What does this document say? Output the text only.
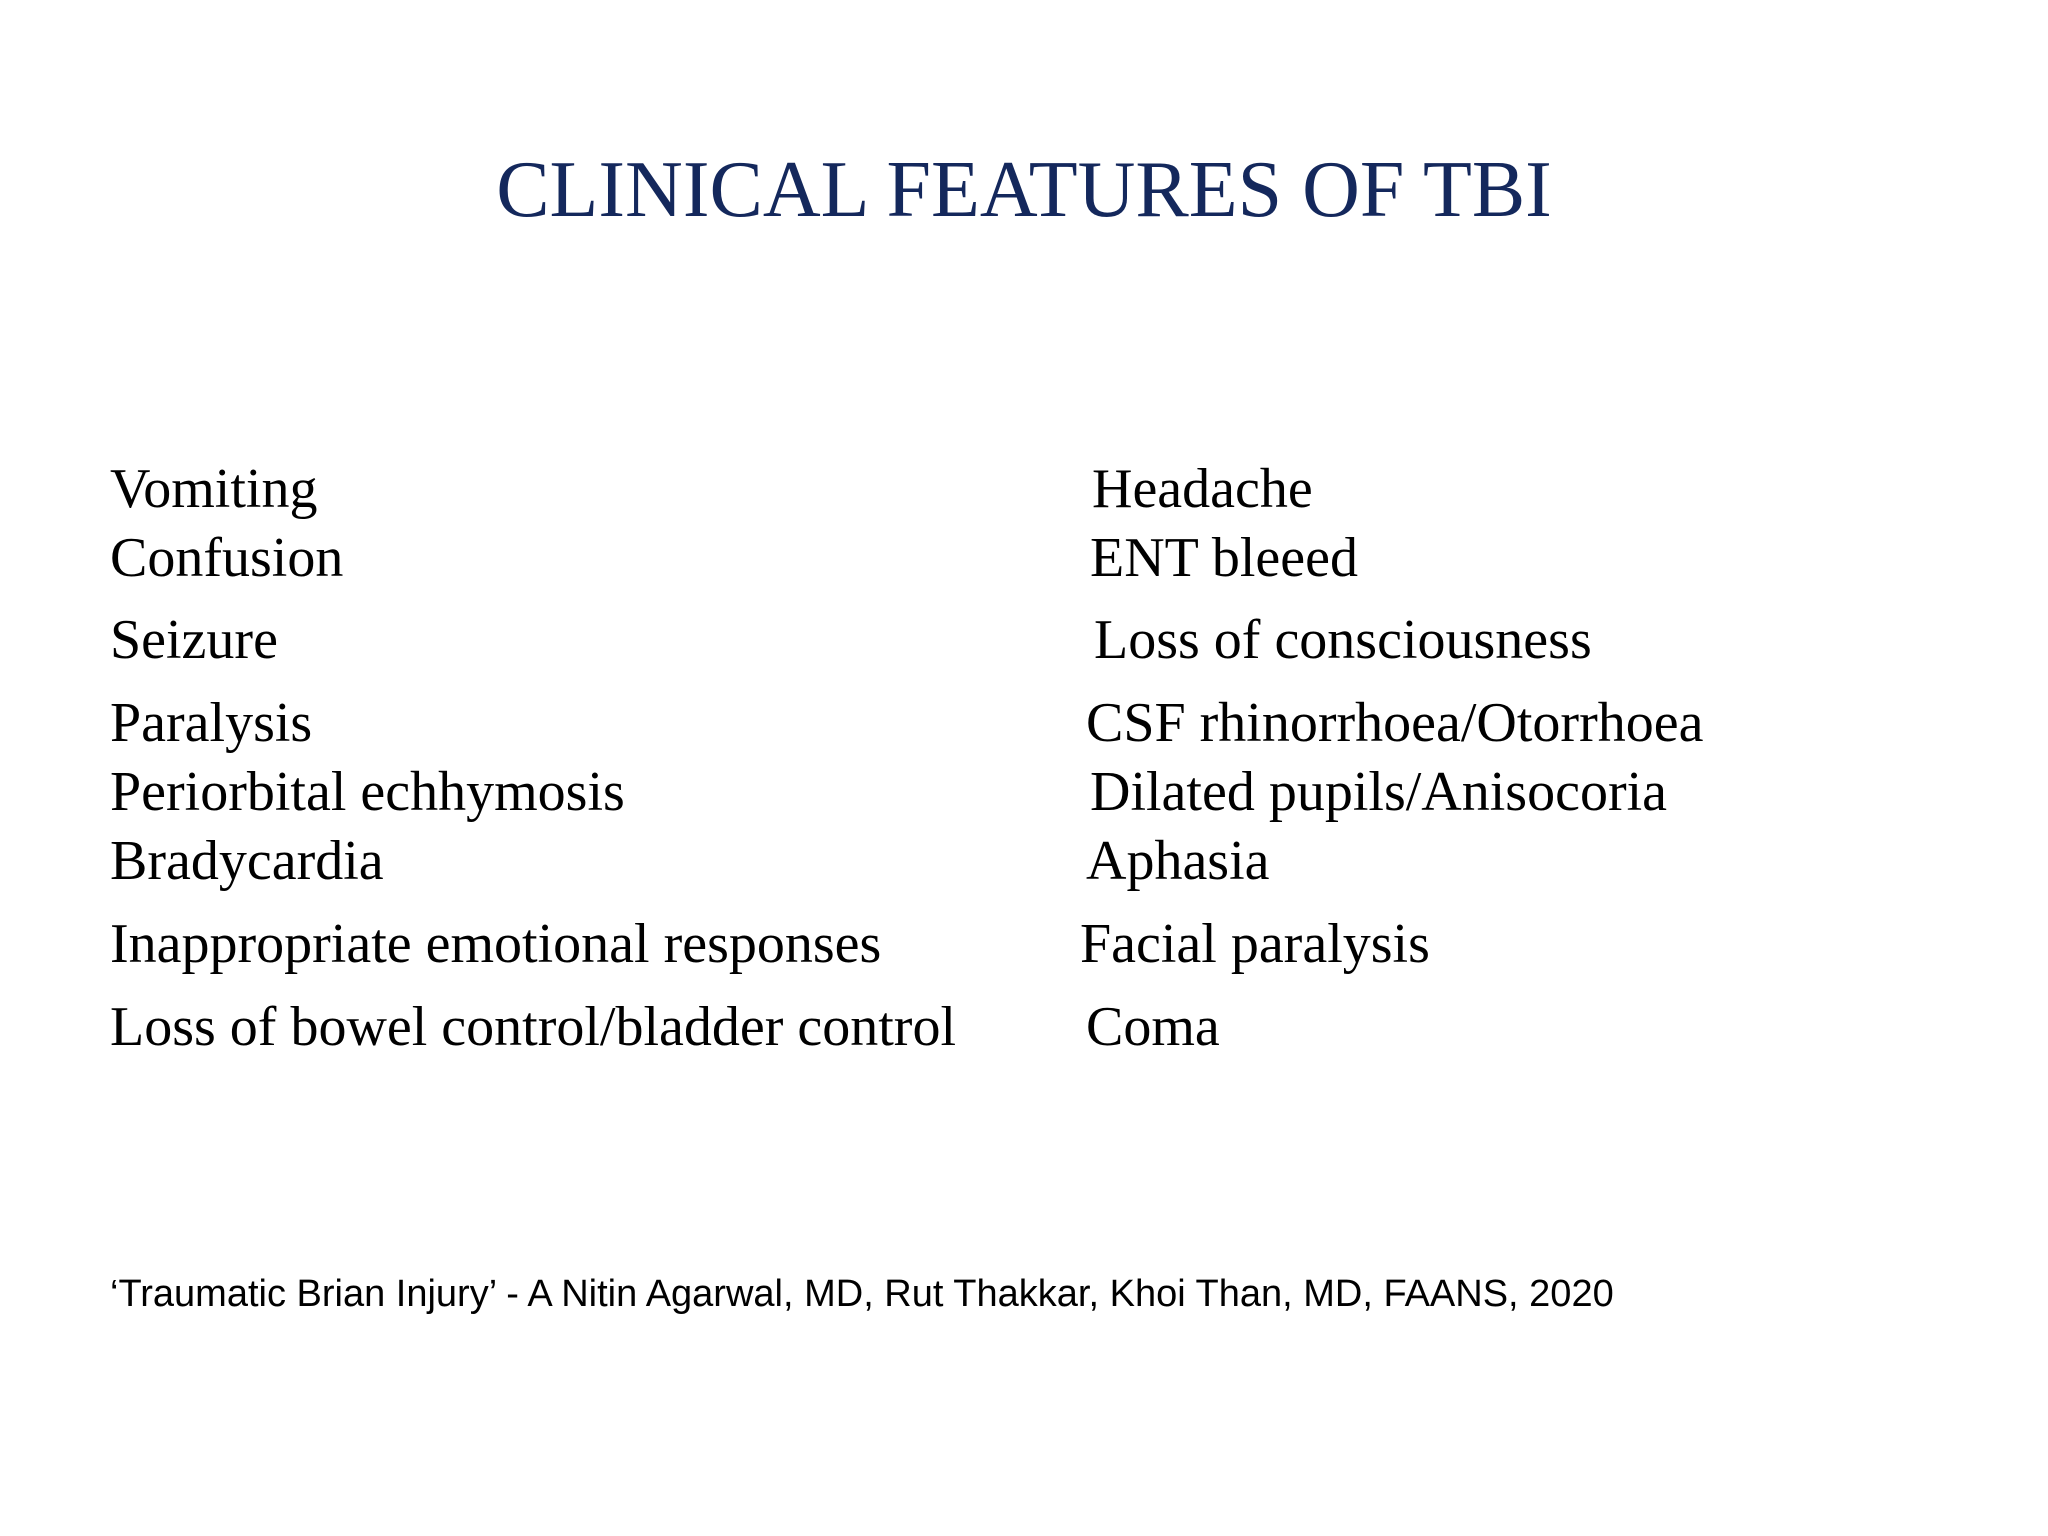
CLINICAL FEATURES OF TBI
Vomiting
Confusion
Seizure
Paralysis
Periorbital echhymosis
Bradycardia
Inappropriate emotional responses
Loss of bowel control/bladder control
Headache
ENT bleeed
Loss of consciousness
CSF rhinorrhoea/Otorrhoea
Dilated pupils/Anisocoria
Aphasia
Facial paralysis
Coma
‘Traumatic Brian Injury’ - A Nitin Agarwal, MD, Rut Thakkar, Khoi Than, MD, FAANS, 2020
